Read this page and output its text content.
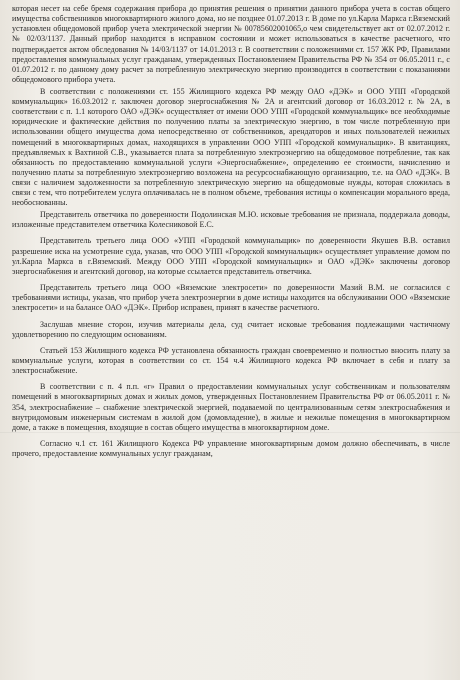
которая несет на себе бремя содержания прибора до принятия решения о принятии данного прибора учета в состав общего имущества собственников многоквартирного жилого дома, но не позднее 01.07.2013 г. В доме по ул.Карла Маркса г.Вяземский установлен общедомовой прибор учета электрической энергии № 00785602001065,о чем свидетельствует акт от 02.07.2012 г. № 02/03/1137. Данный прибор находится в исправном состоянии и может использоваться в качестве расчетного, что подтверждается актом обследования № 14/03/1137 от 14.01.2013 г. В соответствии с положениями ст. 157 ЖК РФ, Правилами предоставления коммунальных услуг гражданам, утвержденных Постановлением Правительства РФ № 354 от 06.05.2011 г., с 01.07.2012 г. по данному дому расчет за потребленную электрическую энергию производится в соответствии с показаниями общедомового прибора учета.

В соответствии с положениями ст. 155 Жилищного кодекса РФ между ОАО «ДЭК» и ООО УПП «Городской коммунальщик» 16.03.2012 г. заключен договор энергоснабжения № 2А и агентский договор от 16.03.2012 г. № 2А, в соответствии с п. 1.1 которого ОАО «ДЭК» осуществляет от имени ООО УПП «Городской коммунальщик» все необходимые юридические и фактические действия по получению платы за электрическую энергию, в том числе потребленную при использовании общего имущества дома непосредственно от собственников, арендаторов и иных пользователей нежилых помещений в многоквартирных домах, находящихся в управлении ООО УПП «Городской коммунальщик». В квитанциях, предъявляемых к Вахтиной С.В., указывается плата за потребленную электроэнергию на общедомовое потребление, так как обязанность по предоставлению коммунальной услуги «Энергоснабжение», определению ее стоимости, начислению и получению платы за потребленную электроэнергию возложена на ресурсоснабжающую организацию, т.е. на ОАО «ДЭК». В связи с наличием задолженности за потребленную электрическую энергию на общедомовые нужды, которая сложилась в связи с тем, что потребителем услуга оплачивалась не в полном объеме, требования истицы о компенсации морального вреда, необоснованны.

Представитель ответчика по доверенности Подолинская М.Ю. исковые требования не признала, поддержала доводы, изложенные представителем ответчика Колесниковой Е.С.

Представитель третьего лица ООО «УПП «Городской коммунальщик» по доверенности Якушев В.В. оставил разрешение иска на усмотрение суда, указав, что ООО УПП «Городской коммунальщик» осуществляет управление домом по ул.Карла Маркса в г.Вяземский. Между ООО УПП «Городской коммунальщик» и ОАО «ДЭК» заключены договор энергоснабжения и агентский договор, на которые ссылается представитель ответчика.

Представитель третьего лица ООО «Вяземские электросети» по доверенности Мазий В.М. не согласился с требованиями истицы, указав, что прибор учета электроэнергии в доме истицы находится на обслуживании ООО «Вяземские электросети» и на балансе ОАО «ДЭК». Прибор исправен, принят в качестве расчетного.

Заслушав мнение сторон, изучив материалы дела, суд считает исковые требования подлежащими частичному удовлетворению по следующим основаниям.

Статьей 153 Жилищного кодекса РФ установлена обязанность граждан своевременно и полностью вносить плату за коммунальные услуги, которая в соответствии со ст. 154 ч.4 Жилищного кодекса РФ включает в себя и плату за электроснабжение.

В соответствии с п. 4 п.п. «г» Правил о предоставлении коммунальных услуг собственникам и пользователям помещений в многоквартирных домах и жилых домов, утвержденных Постановлением Правительства РФ от 06.05.2011 г. № 354, электроснабжение – снабжение электрической энергией, подаваемой по централизованным сетям электроснабжения и внутридомовым инженерным системам в жилой дом (домовладение), в жилые и нежилые помещения в многоквартирном доме, а также в помещения, входящие в состав общего имущества в многоквартирном доме.

Согласно ч.1 ст. 161 Жилищного Кодекса РФ управление многоквартирным домом должно обеспечивать, в числе прочего, предоставление коммунальных услуг гражданам,
